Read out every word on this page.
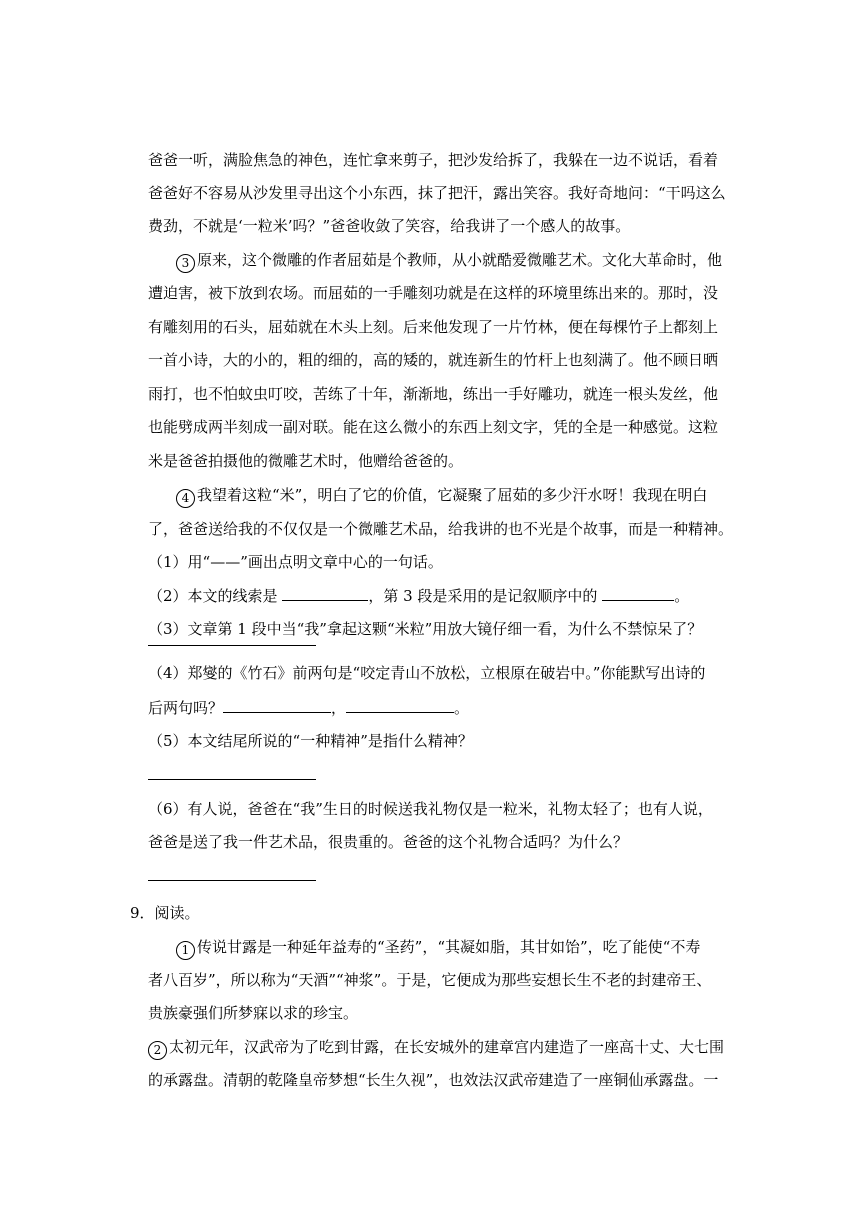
爸爸一听，满脸焦急的神色，连忙拿来剪子，把沙发给拆了，我躲在一边不说话，看着
爸爸好不容易从沙发里寻出这个小东西，抹了把汗，露出笑容。我好奇地问：“干吗这么
费劲，不就是‘一粒米’吗？”爸爸收敛了笑容，给我讲了一个感人的故事。
3 原来，这个微雕的作者屈茹是个教师，从小就酷爱微雕艺术。文化大革命时，他
遭迫害，被下放到农场。而屈茹的一手雕刻功就是在这样的环境里练出来的。那时，没
有雕刻用的石头，屈茹就在木头上刻。后来他发现了一片竹林，便在每棵竹子上都刻上
一首小诗，大的小的，粗的细的，高的矮的，就连新生的竹杆上也刻满了。他不顾日晒
雨打，也不怕蚊虫叮咬，苦练了十年，渐渐地，练出一手好雕功，就连一根头发丝，他
也能劈成两半刻成一副对联。能在这么微小的东西上刻文字，凭的全是一种感觉。这粒
米是爸爸拍摄他的微雕艺术时，他赠给爸爸的。
4 我望着这粒“米”，明白了它的价值，它凝聚了屈茹的多少汗水呀！我现在明白
了，爸爸送给我的不仅仅是一个微雕艺术品，给我讲的也不光是个故事，而是一种精神。
（1）用“——”画出点明文章中心的一句话。
（2）本文的线索是	，第 3 段是采用的是记叙顺序中的	。
（3）文章第 1 段中当“我”拿起这颗“米粒”用放大镜仔细一看，为什么不禁惊呆了？
（4）郑燮的《竹石》前两句是“咬定青山不放松，立根原在破岩中。”你能默写出诗的
后两句吗？	，	。
（5）本文结尾所说的“一种精神”是指什么精神？
（6）有人说，爸爸在“我”生日的时候送我礼物仅是一粒米，礼物太轻了；也有人说，
爸爸是送了我一件艺术品，很贵重的。爸爸的这个礼物合适吗？为什么？
9．阅读。
1 传说甘露是一种延年益寿的“圣药”，“其凝如脂，其甘如饴”，吃了能使“不寿
者八百岁”，所以称为“天酒”“神浆”。于是，它便成为那些妄想长生不老的封建帝王、
贵族豪强们所梦寐以求的珍宝。
2 太初元年，汉武帝为了吃到甘露，在长安城外的建章宫内建造了一座高十丈、大七围
的承露盘。清朝的乾隆皇帝梦想“长生久视”，也效法汉武帝建造了一座铜仙承露盘。一
